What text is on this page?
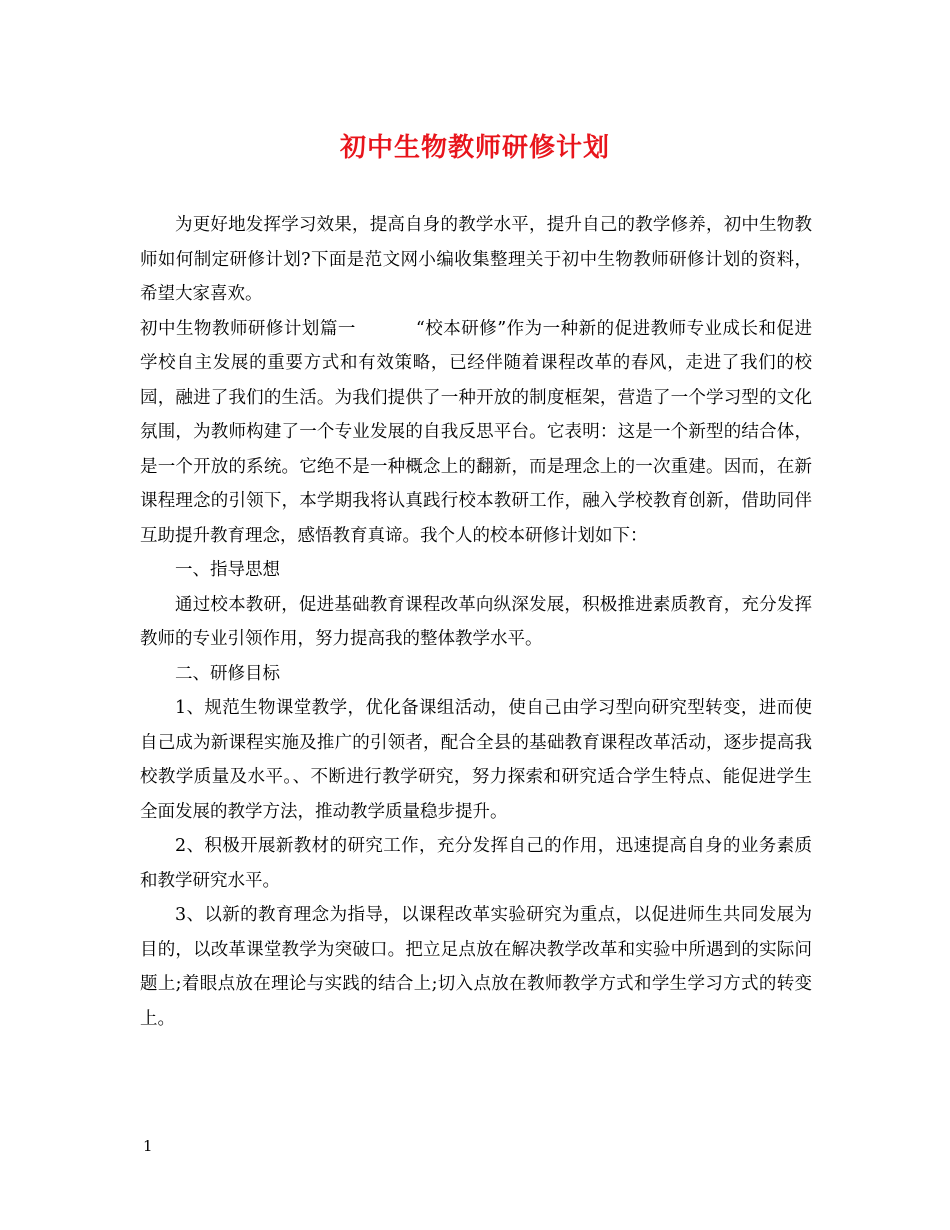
初中生物教师研修计划

为更好地发挥学习效果，提高自身的教学水平，提升自己的教学修养，初中生物教师如何制定研修计划?下面是范文网小编收集整理关于初中生物教师研修计划的资料，希望大家喜欢。

初中生物教师研修计划篇一	“校本研修”作为一种新的促进教师专业成长和促进学校自主发展的重要方式和有效策略，已经伴随着课程改革的春风，走进了我们的校园，融进了我们的生活。为我们提供了一种开放的制度框架，营造了一个学习型的文化氛围，为教师构建了一个专业发展的自我反思平台。它表明：这是一个新型的结合体，是一个开放的系统。它绝不是一种概念上的翻新，而是理念上的一次重建。因而，在新课程理念的引领下，本学期我将认真践行校本教研工作，融入学校教育创新，借助同伴互助提升教育理念，感悟教育真谛。我个人的校本研修计划如下：

一、指导思想

通过校本教研，促进基础教育课程改革向纵深发展，积极推进素质教育，充分发挥教师的专业引领作用，努力提高我的整体教学水平。

二、研修目标

1、规范生物课堂教学，优化备课组活动，使自己由学习型向研究型转变，进而使自己成为新课程实施及推广的引领者，配合全县的基础教育课程改革活动，逐步提高我校教学质量及水平。、不断进行教学研究，努力探索和研究适合学生特点、能促进学生全面发展的教学方法，推动教学质量稳步提升。

2、积极开展新教材的研究工作，充分发挥自己的作用，迅速提高自身的业务素质和教学研究水平。

3、以新的教育理念为指导，以课程改革实验研究为重点，以促进师生共同发展为目的，以改革课堂教学为突破口。把立足点放在解决教学改革和实验中所遇到的实际问题上;着眼点放在理论与实践的结合上;切入点放在教师教学方式和学生学习方式的转变上。

1
